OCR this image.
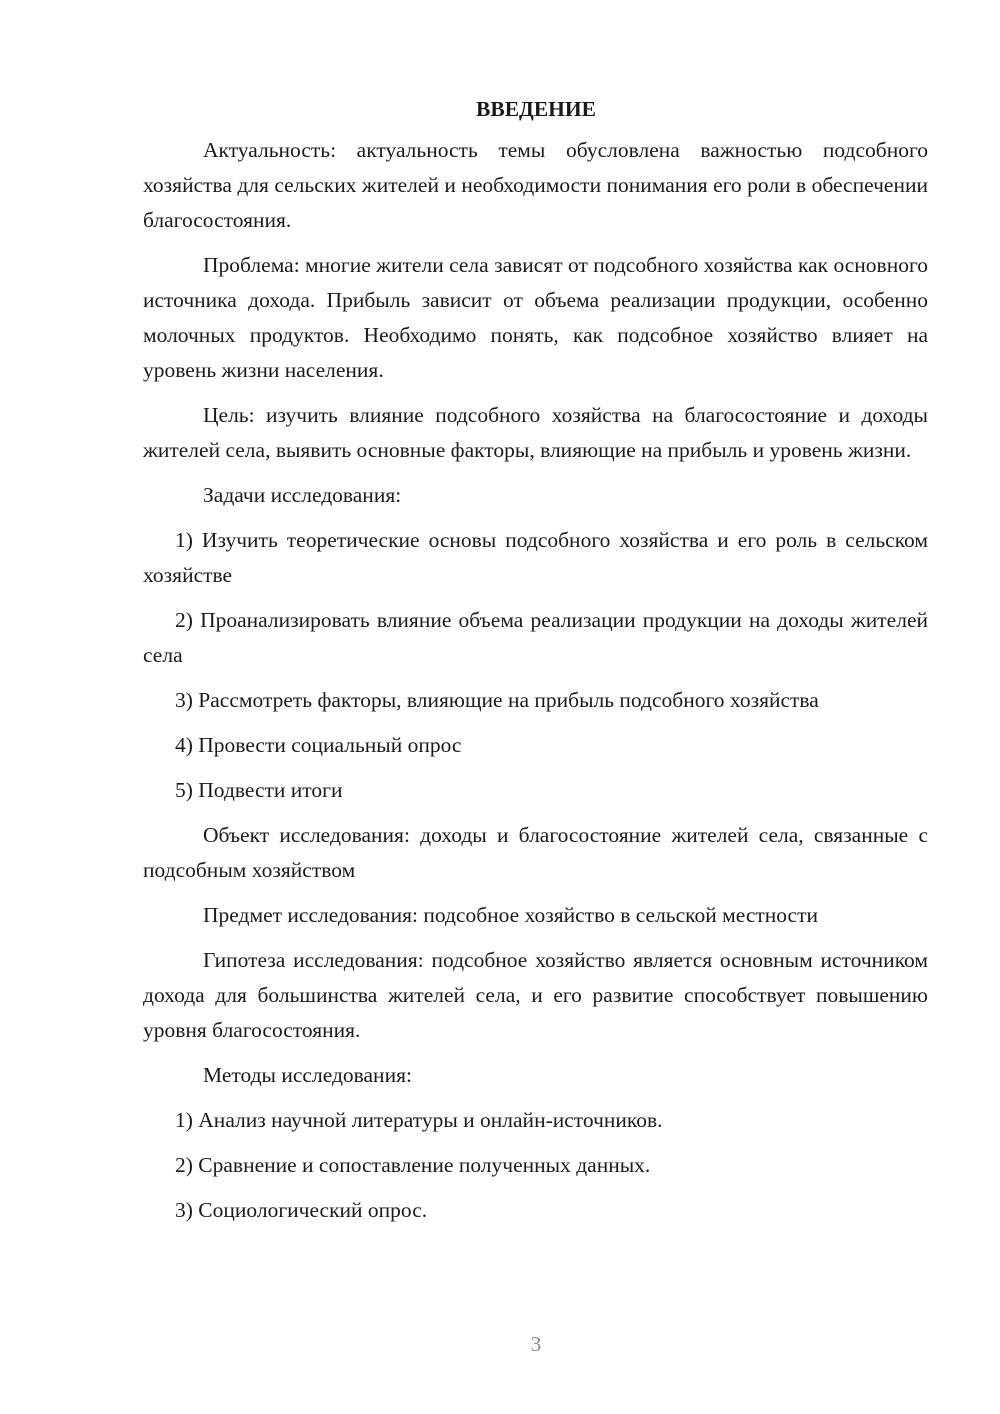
ВВЕДЕНИЕ

Актуальность: актуальность темы обусловлена важностью подсобного хозяйства для сельских жителей и необходимости понимания его роли в обеспечении благосостояния.

Проблема: многие жители села зависят от подсобного хозяйства как основного источника дохода. Прибыль зависит от объема реализации продукции, особенно молочных продуктов. Необходимо понять, как подсобное хозяйство влияет на уровень жизни населения.

Цель: изучить влияние подсобного хозяйства на благосостояние и доходы жителей села, выявить основные факторы, влияющие на прибыль и уровень жизни.

Задачи исследования:

1) Изучить теоретические основы подсобного хозяйства и его роль в сельском хозяйстве

2) Проанализировать влияние объема реализации продукции на доходы жителей села

3) Рассмотреть факторы, влияющие на прибыль подсобного хозяйства

4) Провести социальный опрос

5) Подвести итоги

Объект исследования: доходы и благосостояние жителей села, связанные с подсобным хозяйством

Предмет исследования: подсобное хозяйство в сельской местности

Гипотеза исследования: подсобное хозяйство является основным источником дохода для большинства жителей села, и его развитие способствует повышению уровня благосостояния.

Методы исследования:

1) Анализ научной литературы и онлайн-источников.

2) Сравнение и сопоставление полученных данных.

3) Социологический опрос.

3
